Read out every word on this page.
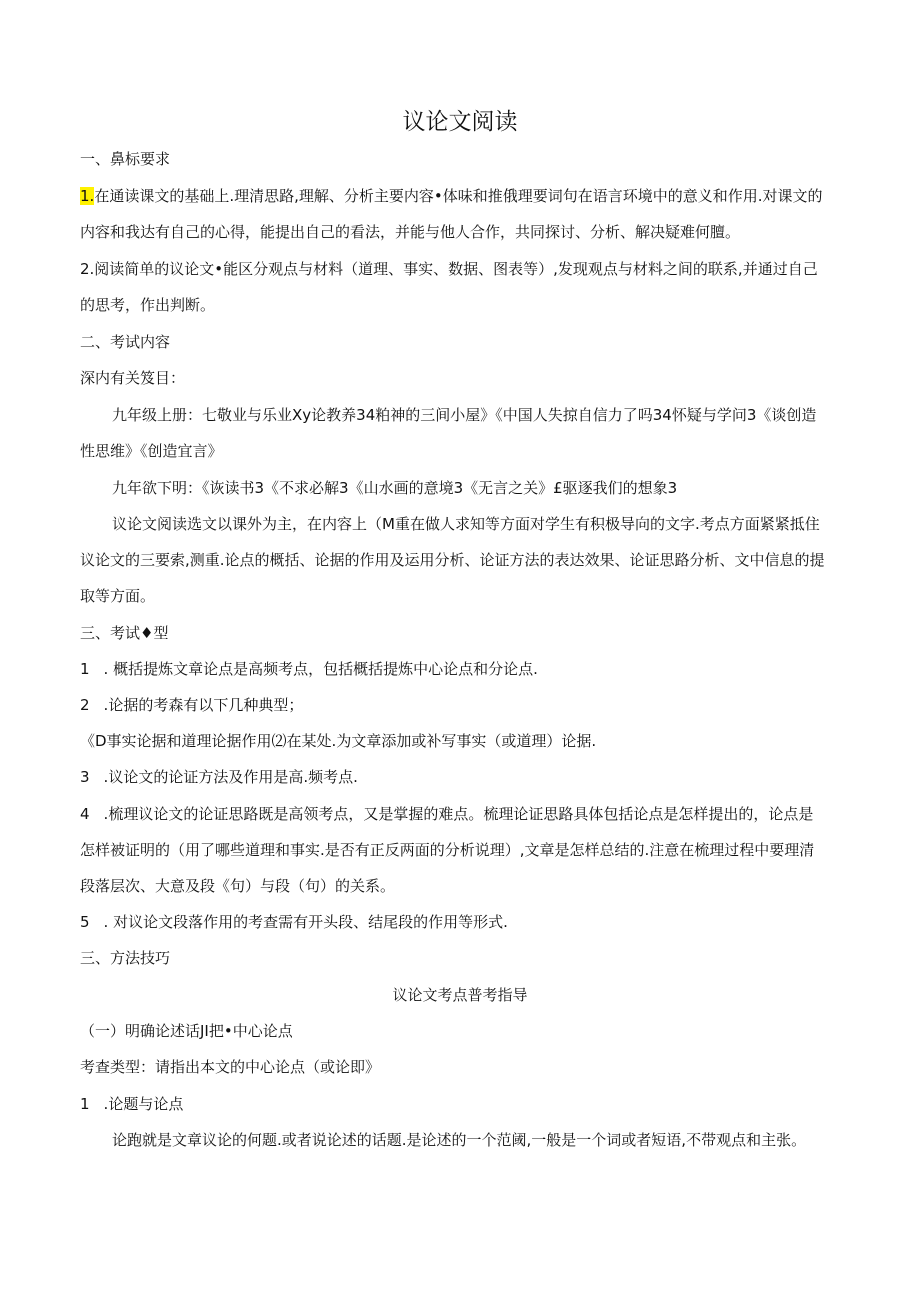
议论文阅读
一、鼻标要求
1.在通读课文的基础上.理清思路,理解、分析主要内容•体味和推俄理要词句在语言环境中的意义和作用.对课文的
内容和我达有自己的心得，能提出自己的看法，并能与他人合作，共同探讨、分析、解决疑难何膻。
2.阅读简单的议论文•能区分观点与材料（道理、事实、数据、图表等）,发现观点与材料之间的联系,并通过自己
的思考，作出判断。
二、考试内容
深内有关笈目：
九年级上册：七敬业与乐业Xy论教养34粕神的三间小屋》《中国人失掠自信力了吗34怀疑与学问3《谈创造
性思维》《创造宜言》
九年欲下明：《诙读书3《不求必解3《山水画的意境3《无言之关》£驱逐我们的想象3
议论文阅读选文以课外为主，在内容上（M重在做人求知等方面对学生有积极导向的文字.考点方面紧紧抵住
议论文的三要索,测重.论点的概括、论据的作用及运用分析、论证方法的表达效果、论证思路分析、文中信息的提
取等方面。
三、考试♦型
1 . 概括提炼文章论点是高频考点，包括概括提炼中心论点和分论点.
2 .论据的考森有以下几种典型；
《D事实论据和道理论据作用⑵在某处.为文章添加或补写事实（或道理）论据.
3 .议论文的论证方法及作用是高.频考点.
4 .梳理议论文的论证思路既是高领考点，又是掌握的难点。梳理论证思路具体包括论点是怎样提出的，论点是
怎样被证明的（用了哪些道理和事实.是否有正反两面的分析说理）,文章是怎样总结的.注意在梳理过程中要理清
段落层次、大意及段《句）与段（句）的关系。
5 . 对议论文段落作用的考查需有开头段、结尾段的作用等形式.
三、方法技巧
议论文考点普考指导
（一）明确论述话JI把•中心论点
考查类型：请指出本文的中心论点（或论即》
1 .论题与论点
论跑就是文章议论的何题.或者说论述的话题.是论述的一个范阈,一般是一个词或者短语,不带观点和主张。
